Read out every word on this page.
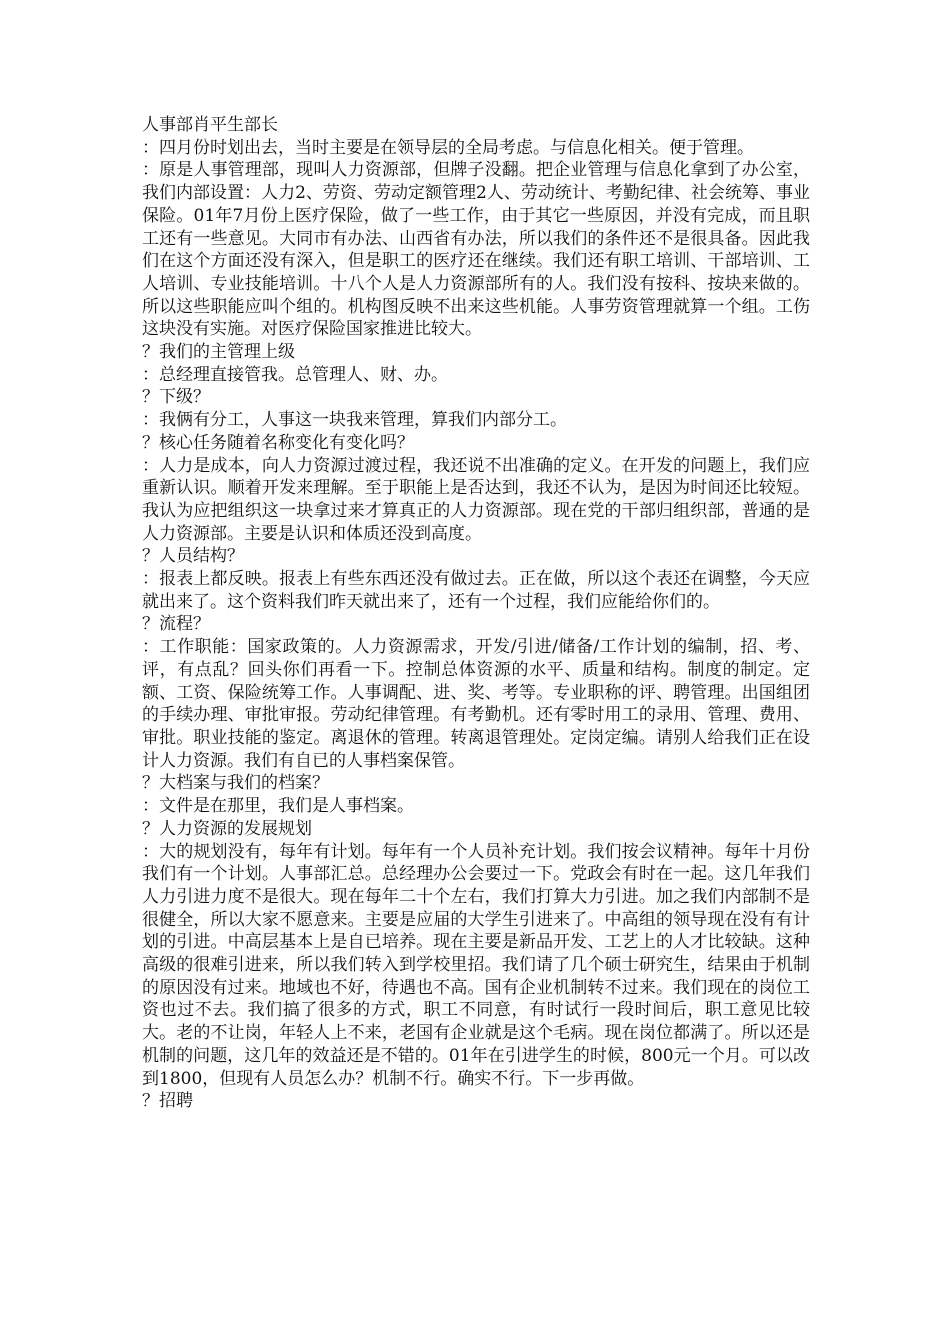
人事部肖平生部长

：四月份时划出去，当时主要是在领导层的全局考虑。与信息化相关。便于管理。

：原是人事管理部，现叫人力资源部，但牌子没翻。把企业管理与信息化拿到了办公室，我们内部设置：人力2、劳资、劳动定额管理2人、劳动统计、考勤纪律、社会统筹、事业保险。01年7月份上医疗保险，做了一些工作，由于其它一些原因，并没有完成，而且职工还有一些意见。大同市有办法、山西省有办法，所以我们的条件还不是很具备。因此我们在这个方面还没有深入，但是职工的医疗还在继续。我们还有职工培训、干部培训、工人培训、专业技能培训。十八个人是人力资源部所有的人。我们没有按科、按块来做的。所以这些职能应叫个组的。机构图反映不出来这些机能。人事劳资管理就算一个组。工伤这块没有实施。对医疗保险国家推进比较大。

？我们的主管理上级

：总经理直接管我。总管理人、财、办。

？下级？

：我俩有分工，人事这一块我来管理，算我们内部分工。

？核心任务随着名称变化有变化吗？

：人力是成本，向人力资源过渡过程，我还说不出准确的定义。在开发的问题上，我们应重新认识。顺着开发来理解。至于职能上是否达到，我还不认为，是因为时间还比较短。我认为应把组织这一块拿过来才算真正的人力资源部。现在党的干部归组织部，普通的是人力资源部。主要是认识和体质还没到高度。

？人员结构？

：报表上都反映。报表上有些东西还没有做过去。正在做，所以这个表还在调整，今天应就出来了。这个资料我们昨天就出来了，还有一个过程，我们应能给你们的。

？流程？

：工作职能：国家政策的。人力资源需求，开发/引进/储备/工作计划的编制，招、考、评，有点乱？回头你们再看一下。控制总体资源的水平、质量和结构。制度的制定。定额、工资、保险统筹工作。人事调配、进、奖、考等。专业职称的评、聘管理。出国组团的手续办理、审批审报。劳动纪律管理。有考勤机。还有零时用工的录用、管理、费用、审批。职业技能的鉴定。离退休的管理。转离退管理处。定岗定编。请别人给我们正在设计人力资源。我们有自已的人事档案保管。

？大档案与我们的档案？

：文件是在那里，我们是人事档案。

？人力资源的发展规划

：大的规划没有，每年有计划。每年有一个人员补充计划。我们按会议精神。每年十月份我们有一个计划。人事部汇总。总经理办公会要过一下。党政会有时在一起。这几年我们人力引进力度不是很大。现在每年二十个左右，我们打算大力引进。加之我们内部制不是很健全，所以大家不愿意来。主要是应届的大学生引进来了。中高组的领导现在没有有计划的引进。中高层基本上是自已培养。现在主要是新品开发、工艺上的人才比较缺。这种高级的很难引进来，所以我们转入到学校里招。我们请了几个硕士研究生，结果由于机制的原因没有过来。地域也不好，待遇也不高。国有企业机制转不过来。我们现在的岗位工资也过不去。我们搞了很多的方式，职工不同意，有时试行一段时间后，职工意见比较大。老的不让岗，年轻人上不来，老国有企业就是这个毛病。现在岗位都满了。所以还是机制的问题，这几年的效益还是不错的。01年在引进学生的时候，800元一个月。可以改到1800，但现有人员怎么办？机制不行。确实不行。下一步再做。

？招聘
